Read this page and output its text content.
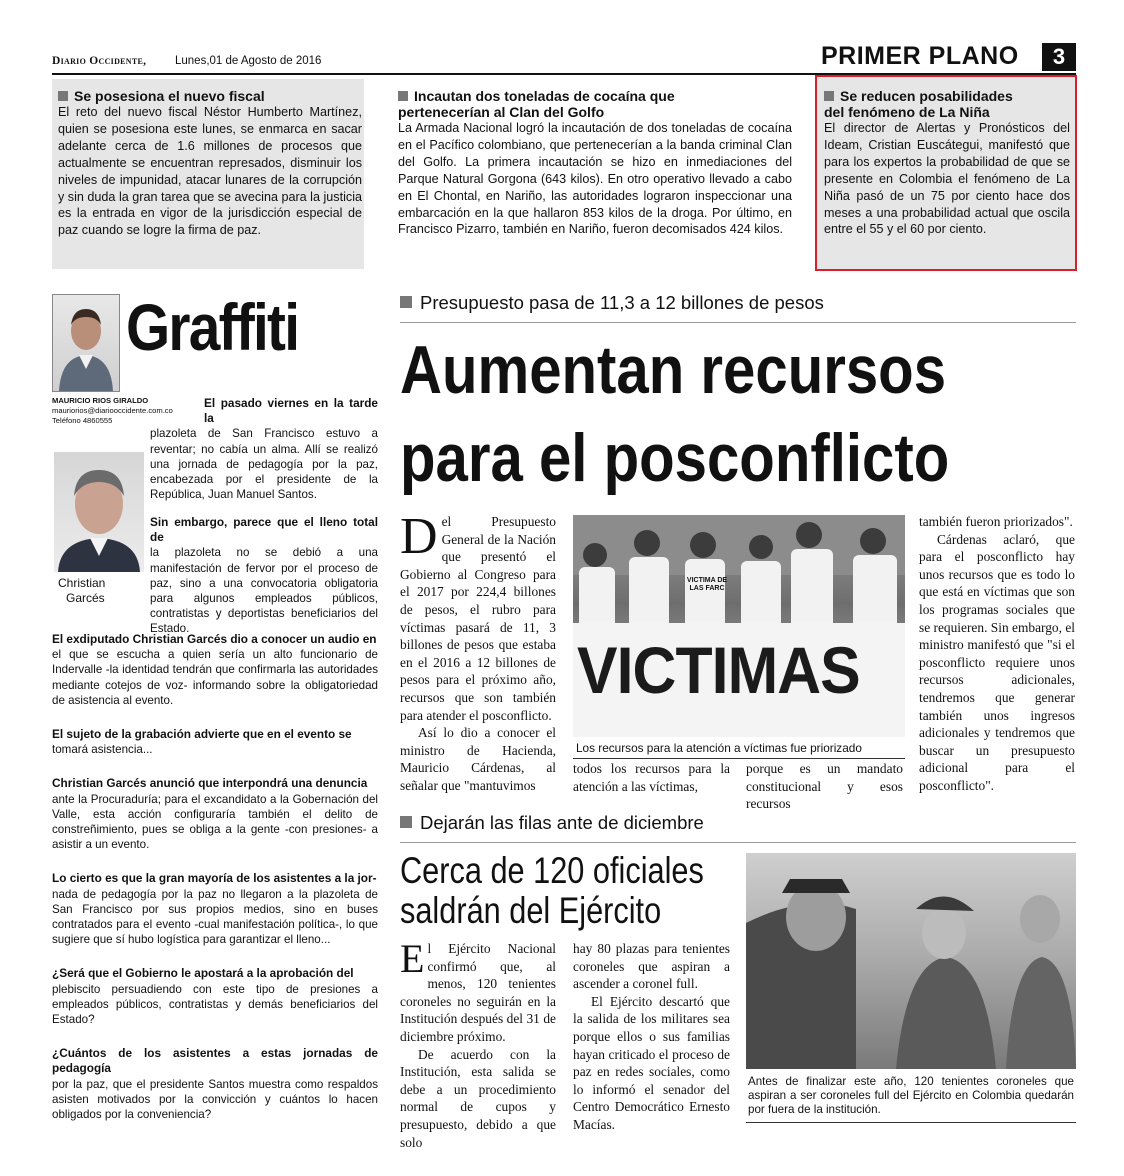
Diario Occidente, Lunes,01 de Agosto de 2016	PRIMER PLANO	3
Se posesiona el nuevo fiscal
El reto del nuevo fiscal Néstor Humberto Martínez, quien se posesiona este lunes, se enmarca en sacar adelante cerca de 1.6 millones de procesos que actualmente se encuentran represados, disminuir los niveles de impunidad, atacar lunares de la corrupción y sin duda la gran tarea que se avecina para la justicia es la entrada en vigor de la jurisdicción especial de paz cuando se logre la firma de paz.
Incautan dos toneladas de cocaína que pertenecerían al Clan del Golfo
La Armada Nacional logró la incautación de dos toneladas de cocaína en el Pacífico colombiano, que pertenecerían a la banda criminal Clan del Golfo. La primera incautación se hizo en inmediaciones del Parque Natural Gorgona (643 kilos). En otro operativo llevado a cabo en El Chontal, en Nariño, las autoridades lograron inspeccionar una embarcación en la que hallaron 853 kilos de la droga. Por último, en Francisco Pizarro, también en Nariño, fueron decomisados 424 kilos.
Se reducen posabilidades del fenómeno de La Niña
El director de Alertas y Pronósticos del Ideam, Cristian Euscátegui, manifestó que para los expertos la probabilidad de que se presente en Colombia el fenómeno de La Niña pasó de un 75 por ciento hace dos meses a una probabilidad actual que oscila entre el 55 y el 60 por ciento.
Graffiti
MAURICIO RIOS GIRALDO
mauriorios@diariooccidente.com.co
Teléfono 4860555
Christian
Garcés

El pasado viernes en la tarde la

plazoleta de San Francisco estuvo a reventar; no cabía un alma. Allí se realizó una jornada de pedagogía por la paz, encabezada por el presidente de la República, Juan Manuel Santos.

Sin embargo, parece que el lleno total de

la plazoleta no se debió a una manifestación de fervor por el proceso de paz, sino a una convocatoria obligatoria para algunos empleados públicos, contratistas y deportistas beneficiarios del Estado.

El exdiputado Christian Garcés dio a conocer un audio en

el que se escucha a quien sería un alto funcionario de Indervalle -la identidad tendrán que confirmarla las autoridades mediante cotejos de voz- informando sobre la obligatoriedad de asistencia al evento.

El sujeto de la grabación advierte que en el evento se

tomará asistencia...

Christian Garcés anunció que interpondrá una denuncia

ante la Procuraduría; para el excandidato a la Gobernación del Valle, esta acción configuraría también el delito de constreñimiento, pues se obliga a la gente -con presiones- a asistir a un evento.

Lo cierto es que la gran mayoría de los asistentes a la jor-

nada de pedagogía por la paz no llegaron a la plazoleta de San Francisco por sus propios medios, sino en buses contratados para el evento -cual manifestación política-, lo que sugiere que sí hubo logística para garantizar el lleno...

¿Será que el Gobierno le apostará a la aprobación del

plebiscito persuadiendo con este tipo de presiones a empleados públicos, contratistas y demás beneficiarios del Estado?

¿Cuántos de los asistentes a estas jornadas de pedagogía

por la paz, que el presidente Santos muestra como respaldos asisten motivados por la convicción y cuántos lo hacen obligados por la conveniencia?

Presupuesto pasa de 11,3 a 12 billones de pesos
Aumentan recursos
para el posconflicto
D el Presupuesto General de la Nación que presentó el Gobierno al Congreso para el 2017 por 224,4 billones de pesos, el rubro para víctimas pasará de 11, 3 billones de pesos que estaba en el 2016 a 12 billones de pesos para el próximo año, recursos que son también para atender el posconflicto.

Así lo dio a conocer el ministro de Hacienda, Mauricio Cárdenas, al señalar que "mantuvimos

VICTIMAS
VICTIMA DE LAS FARC
Los recursos para la atención a víctimas fue priorizado

todos los recursos para la atención a las víctimas,

porque es un mandato constitucional y esos recursos

también fueron priorizados".

Cárdenas aclaró, que para el posconflicto hay unos recursos que es todo lo que está en víctimas que son los programas sociales que se requieren. Sin embargo, el ministro manifestó que "si el posconflicto requiere unos recursos adicionales, tendremos que generar también unos ingresos adicionales y tendremos que buscar un presupuesto adicional para el posconflicto".

Dejarán las filas ante de diciembre
Cerca de 120 oficiales
saldrán del Ejército
E l Ejército Nacional confirmó que, al menos, 120 tenientes coroneles no seguirán en la Institución después del 31 de diciembre próximo.

De acuerdo con la Institución, esta salida se debe a un procedimiento normal de cupos y presupuesto, debido a que solo

hay 80 plazas para tenientes coroneles que aspiran a ascender a coronel full.

El Ejército descartó que la salida de los militares sea porque ellos o sus familias hayan criticado el proceso de paz en redes sociales, como lo informó el senador del Centro Democrático Ernesto Macías.

Antes de finalizar este año, 120 tenientes coroneles que aspiran a ser coroneles full del Ejército en Colombia quedarán por fuera de la institución.
